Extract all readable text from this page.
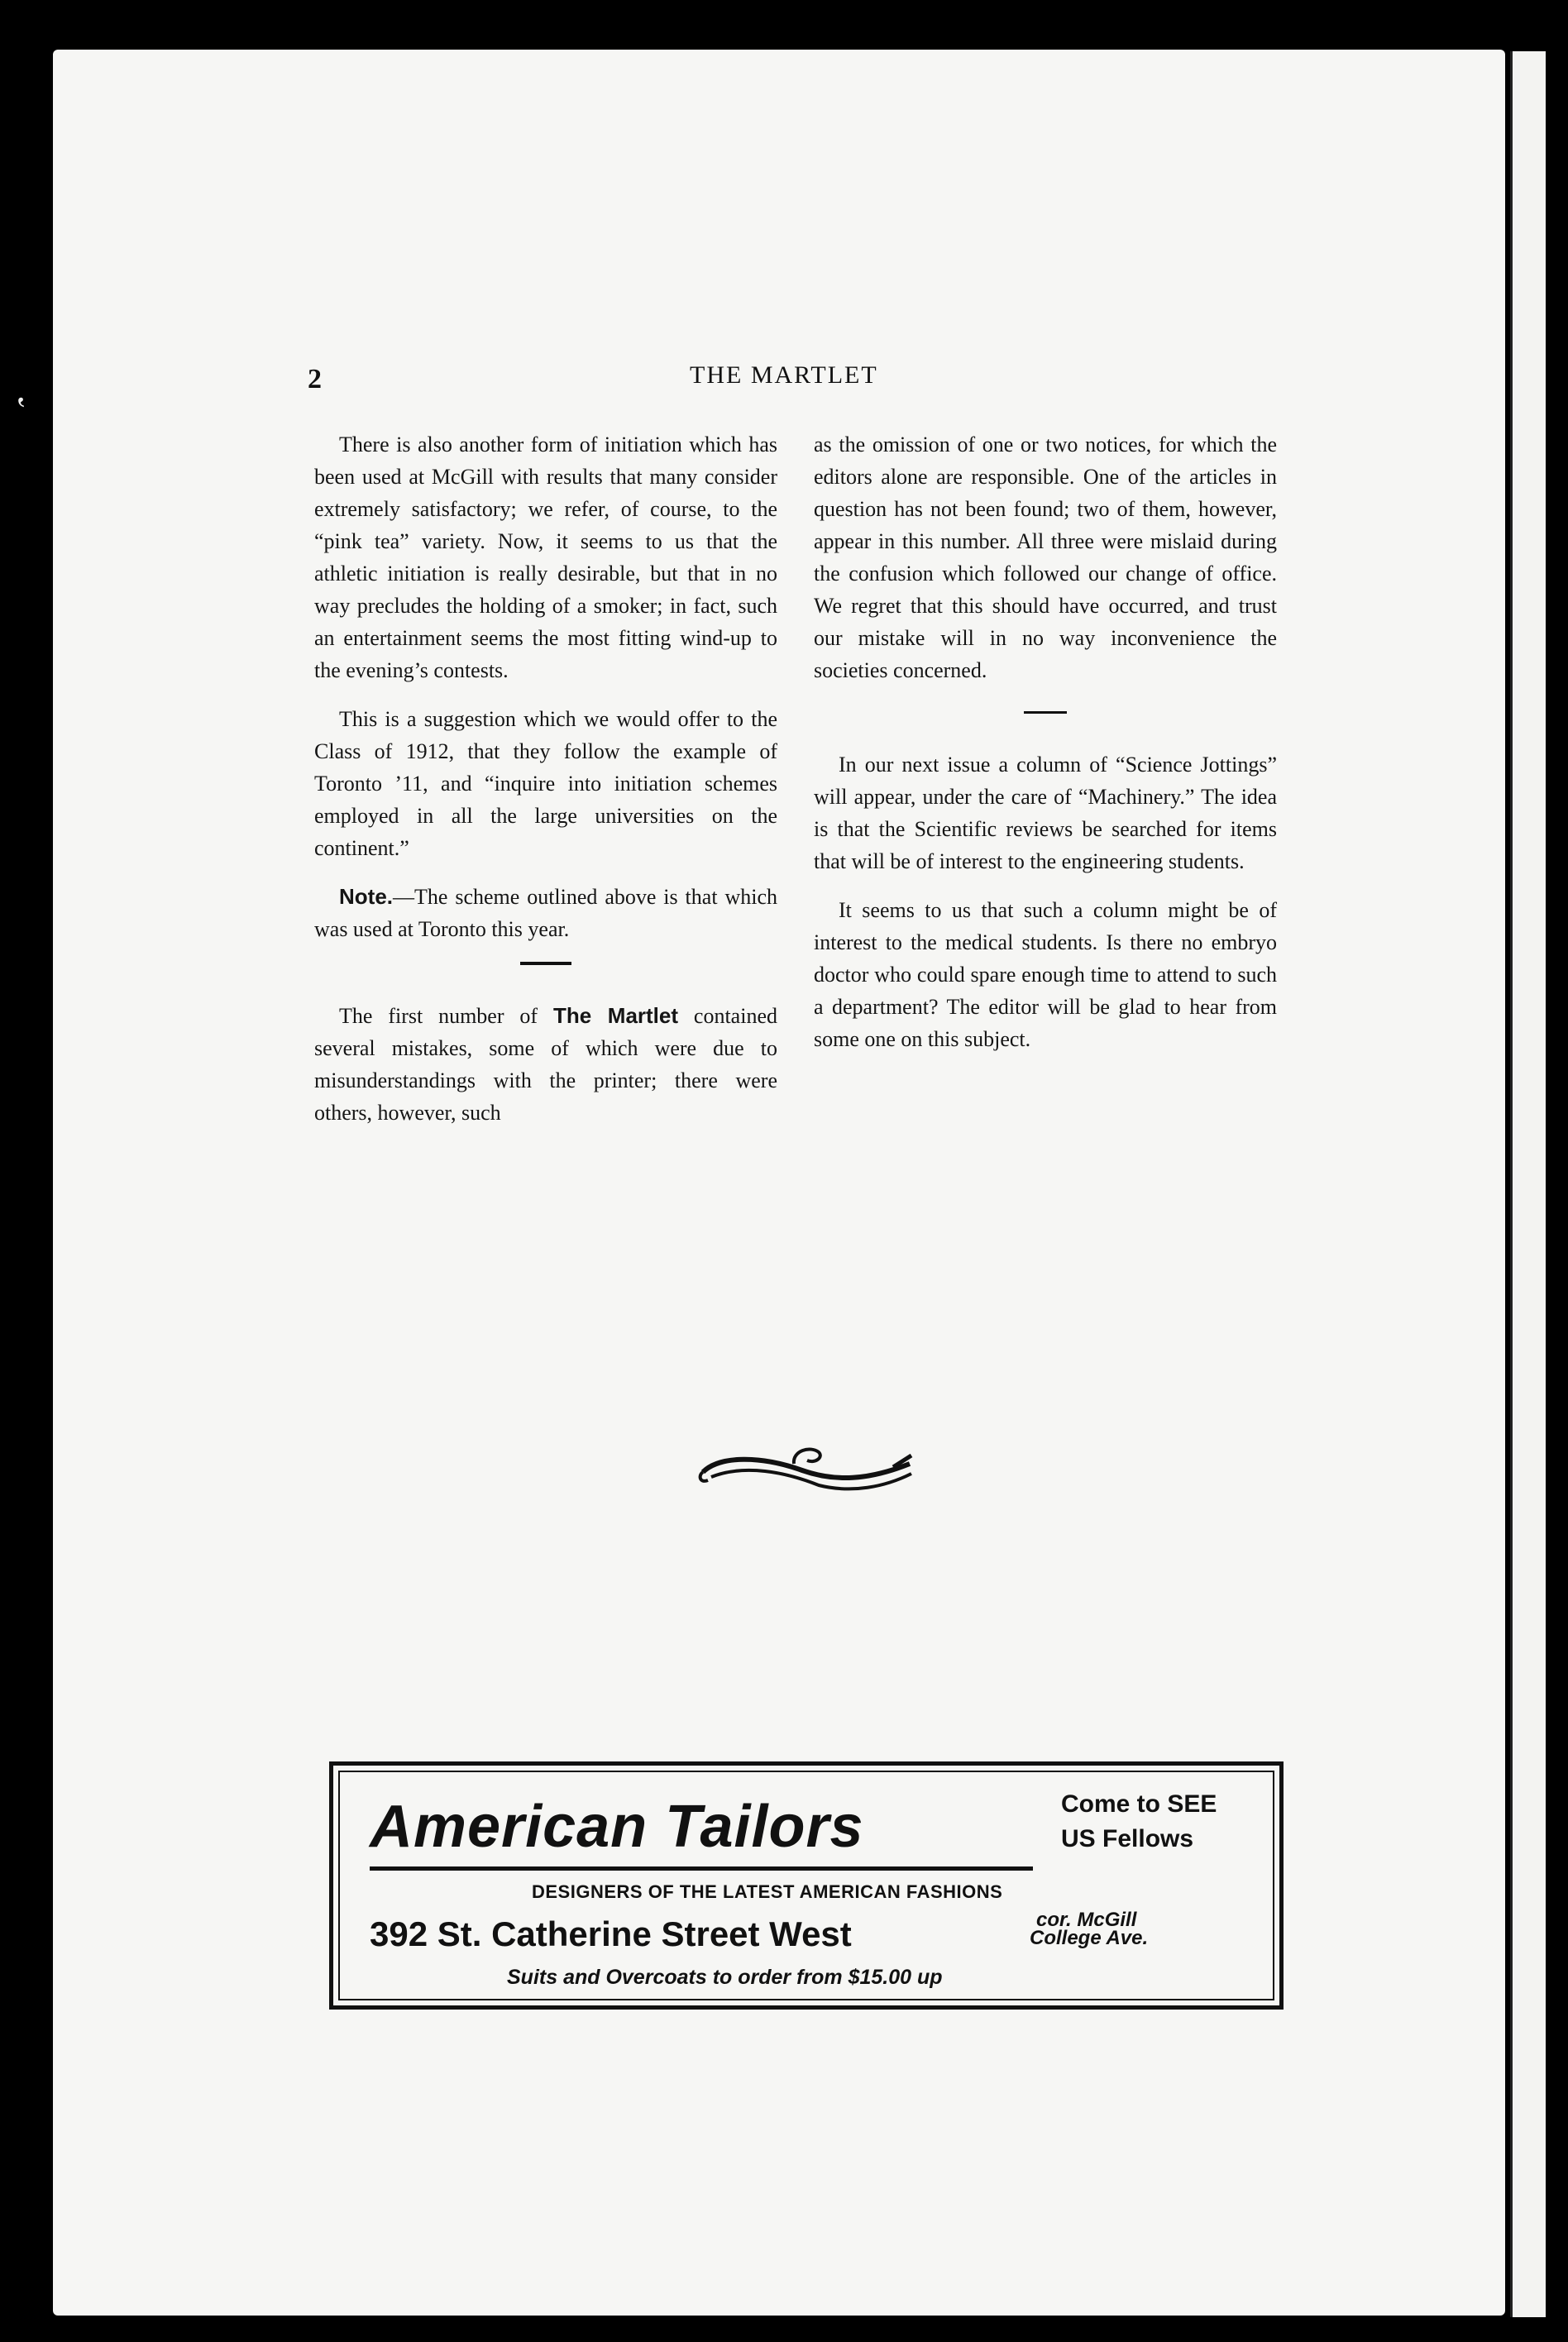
‛
2	THE MARTLET

There is also another form of initiation which has been used at McGill with results that many consider extremely satisfactory; we refer, of course, to the “pink tea” variety. Now, it seems to us that the athletic initiation is really desirable, but that in no way precludes the holding of a smoker; in fact, such an entertainment seems the most fitting wind-up to the evening’s contests.

This is a suggestion which we would offer to the Class of 1912, that they follow the example of Toronto ’11, and “inquire into initiation schemes employed in all the large universities on the continent.”

Note.—The scheme outlined above is that which was used at Toronto this year.

The first number of The Martlet contained several mistakes, some of which were due to misunderstandings with the printer; there were others, however, such

as the omission of one or two notices, for which the editors alone are responsible. One of the articles in question has not been found; two of them, however, appear in this number. All three were mislaid during the confusion which followed our change of office. We regret that this should have occurred, and trust our mistake will in no way inconvenience the societies concerned.

In our next issue a column of “Science Jottings” will appear, under the care of “Machinery.” The idea is that the Scientific reviews be searched for items that will be of interest to the engineering students.

It seems to us that such a column might be of interest to the medical students. Is there no embryo doctor who could spare enough time to attend to such a department? The editor will be glad to hear from some one on this subject.

American Tailors	Come to SEE
US Fellows
DESIGNERS OF THE LATEST AMERICAN FASHIONS
392 St. Catherine Street West	cor. McGill
College Ave.
Suits and Overcoats to order from $15.00 up
